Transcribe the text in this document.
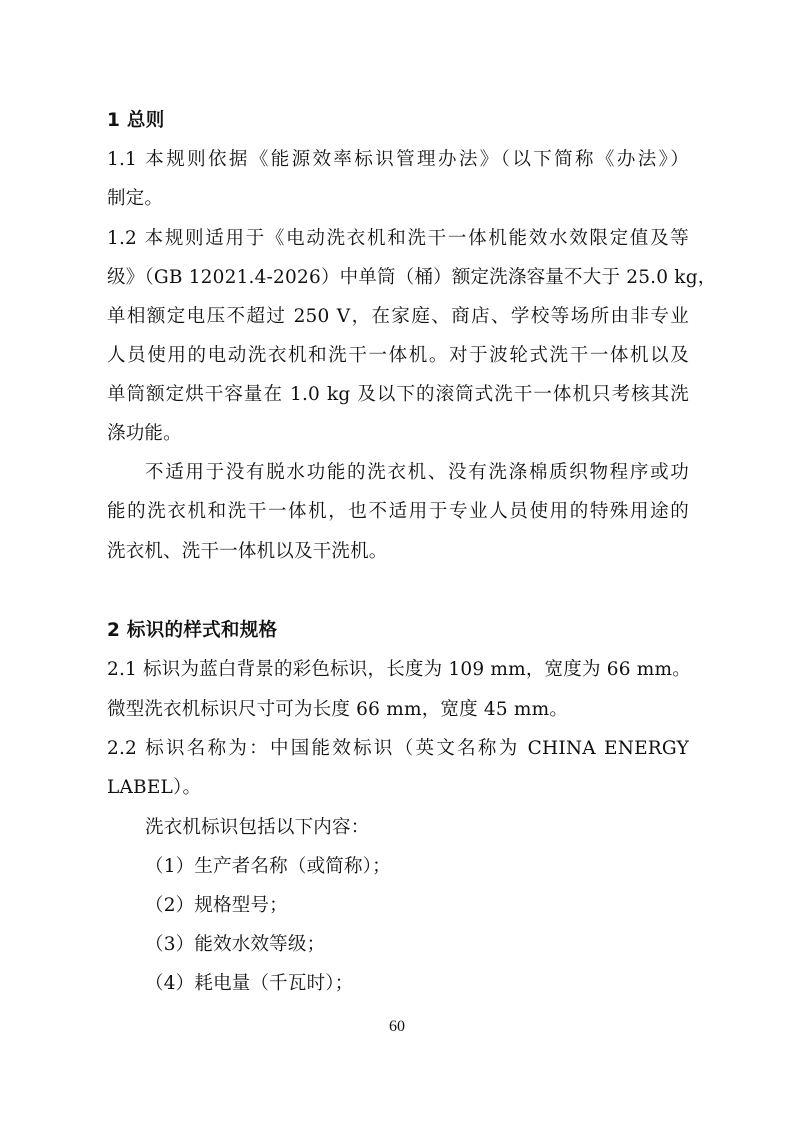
1 总则
1.1 本规则依据《能源效率标识管理办法》（以下简称《办法》）
制定。
1.2 本规则适用于《电动洗衣机和洗干一体机能效水效限定值及等
级》（GB 12021.4-2026）中单筒（桶）额定洗涤容量不大于 25.0 kg，
单相额定电压不超过 250 V，在家庭、商店、学校等场所由非专业
人员使用的电动洗衣机和洗干一体机。对于波轮式洗干一体机以及
单筒额定烘干容量在 1.0 kg 及以下的滚筒式洗干一体机只考核其洗
涤功能。
不适用于没有脱水功能的洗衣机、没有洗涤棉质织物程序或功
能的洗衣机和洗干一体机，也不适用于专业人员使用的特殊用途的
洗衣机、洗干一体机以及干洗机。
2 标识的样式和规格
2.1 标识为蓝白背景的彩色标识，长度为 109 mm，宽度为 66 mm。
微型洗衣机标识尺寸可为长度 66 mm，宽度 45 mm。
2.2 标识名称为：中国能效标识（英文名称为 CHINA ENERGY
LABEL）。
洗衣机标识包括以下内容：
（1）生产者名称（或简称）；
（2）规格型号；
（3）能效水效等级；
（4）耗电量（千瓦时）；
60
